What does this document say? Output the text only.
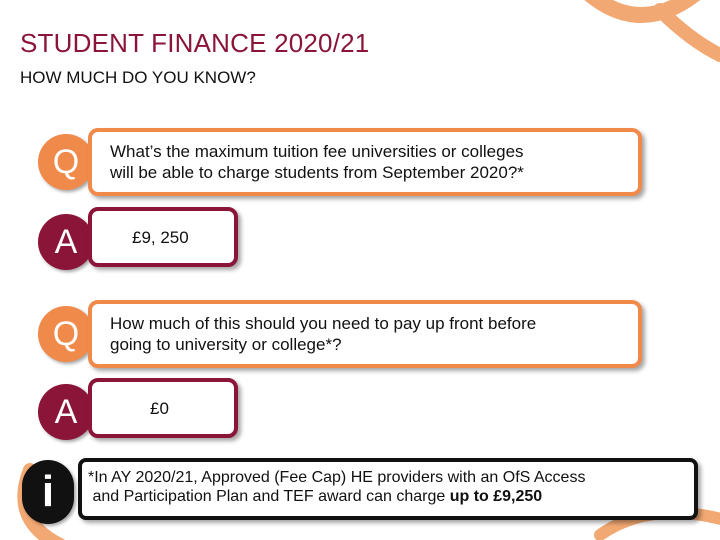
STUDENT FINANCE 2020/21
HOW MUCH DO YOU KNOW?
Q	What’s the maximum tuition fee universities or colleges
will be able to charge students from September 2020?*
A	£9, 250
Q	How much of this should you need to pay up front before
going to university or college*?
A	£0
i	*In AY 2020/21, Approved (Fee Cap) HE providers with an OfS Access
and Participation Plan and TEF award can charge up to £9,250
